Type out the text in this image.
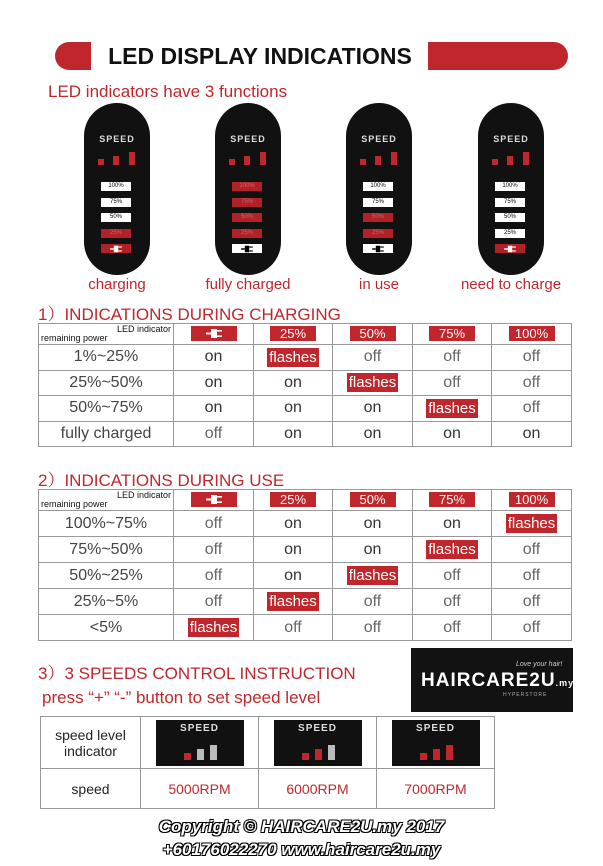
LED DISPLAY INDICATIONS
LED indicators have 3 functions
SPEED
100%
75%
50%
25%
charging
SPEED
100%
75%
50%
25%
fully charged
SPEED
100%
75%
50%
25%
in use
SPEED
100%
75%
50%
25%
need to charge
1）INDICATIONS DURING CHARGING
LED indicator
remaining power		25%	50%	75%	100%
1%~25%	on	flashes	off	off	off
25%~50%	on	on	flashes	off	off
50%~75%	on	on	on	flashes	off
fully charged	off	on	on	on	on
2）INDICATIONS DURING USE
LED indicator
remaining power		25%	50%	75%	100%
100%~75%	off	on	on	on	flashes
75%~50%	off	on	on	flashes	off
50%~25%	off	on	flashes	off	off
25%~5%	off	flashes	off	off	off
<5%	flashes	off	off	off	off
3）3 SPEEDS CONTROL INSTRUCTION
press “+” “-” button to set speed level
speed level indicator	SPEED	SPEED	SPEED

speed	5000RPM	6000RPM	7000RPM
Love your hair!
HAIRCARE2U.my
HYPERSTORE
Copyright © HAIRCARE2U.my 2017
+60176022270 www.haircare2u.my
